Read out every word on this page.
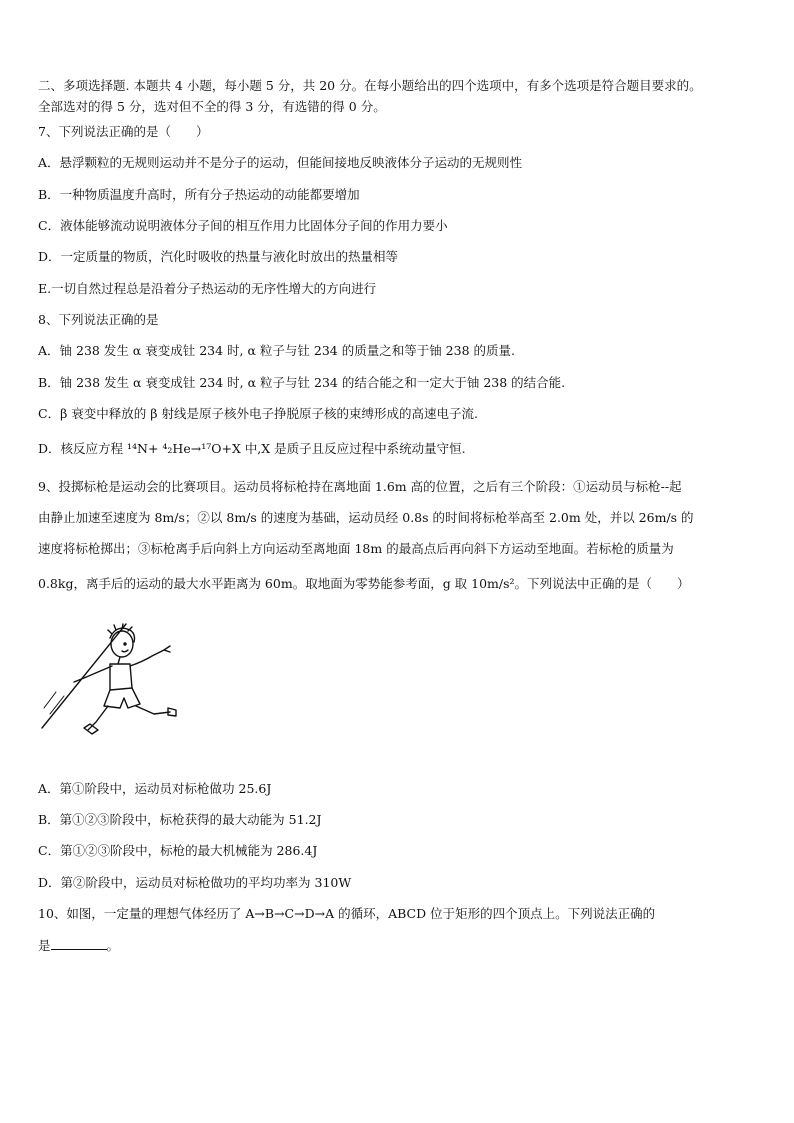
二、多项选择题. 本题共 4 小题，每小题 5 分，共 20 分。在每小题给出的四个选项中，有多个选项是符合题目要求的。
全部选对的得 5 分，选对但不全的得 3 分，有选错的得 0 分。
7、下列说法正确的是（　　）
A．悬浮颗粒的无规则运动并不是分子的运动，但能间接地反映液体分子运动的无规则性
B．一种物质温度升高时，所有分子热运动的动能都要增加
C．液体能够流动说明液体分子间的相互作用力比固体分子间的作用力要小
D．一定质量的物质，汽化时吸收的热量与液化时放出的热量相等
E.一切自然过程总是沿着分子热运动的无序性增大的方向进行
8、下列说法正确的是
A．铀 238 发生 α 衰变成钍 234 时, α 粒子与钍 234 的质量之和等于铀 238 的质量.
B．铀 238 发生 α 衰变成钍 234 时, α 粒子与钍 234 的结合能之和一定大于铀 238 的结合能.
C．β 衰变中释放的 β 射线是原子核外电子挣脱原子核的束缚形成的高速电子流.
D．核反应方程 ¹⁴N+ ⁴₂He→¹⁷O+X 中,X 是质子且反应过程中系统动量守恒.
9、投掷标枪是运动会的比赛项目。运动员将标枪持在离地面 1.6m 高的位置，之后有三个阶段：①运动员与标枪--起
由静止加速至速度为 8m/s；②以 8m/s 的速度为基础，运动员经 0.8s 的时间将标枪举高至 2.0m 处，并以 26m/s 的
速度将标枪掷出；③标枪离手后向斜上方向运动至离地面 18m 的最高点后再向斜下方运动至地面。若标枪的质量为
0.8kg，离手后的运动的最大水平距离为 60m。取地面为零势能参考面，g 取 10m/s²。下列说法中正确的是（　　）
A．第①阶段中，运动员对标枪做功 25.6J
B．第①②③阶段中，标枪获得的最大动能为 51.2J
C．第①②③阶段中，标枪的最大机械能为 286.4J
D．第②阶段中，运动员对标枪做功的平均功率为 310W
10、如图，一定量的理想气体经历了 A→B→C→D→A 的循环，ABCD 位于矩形的四个顶点上。下列说法正确的
是	。
